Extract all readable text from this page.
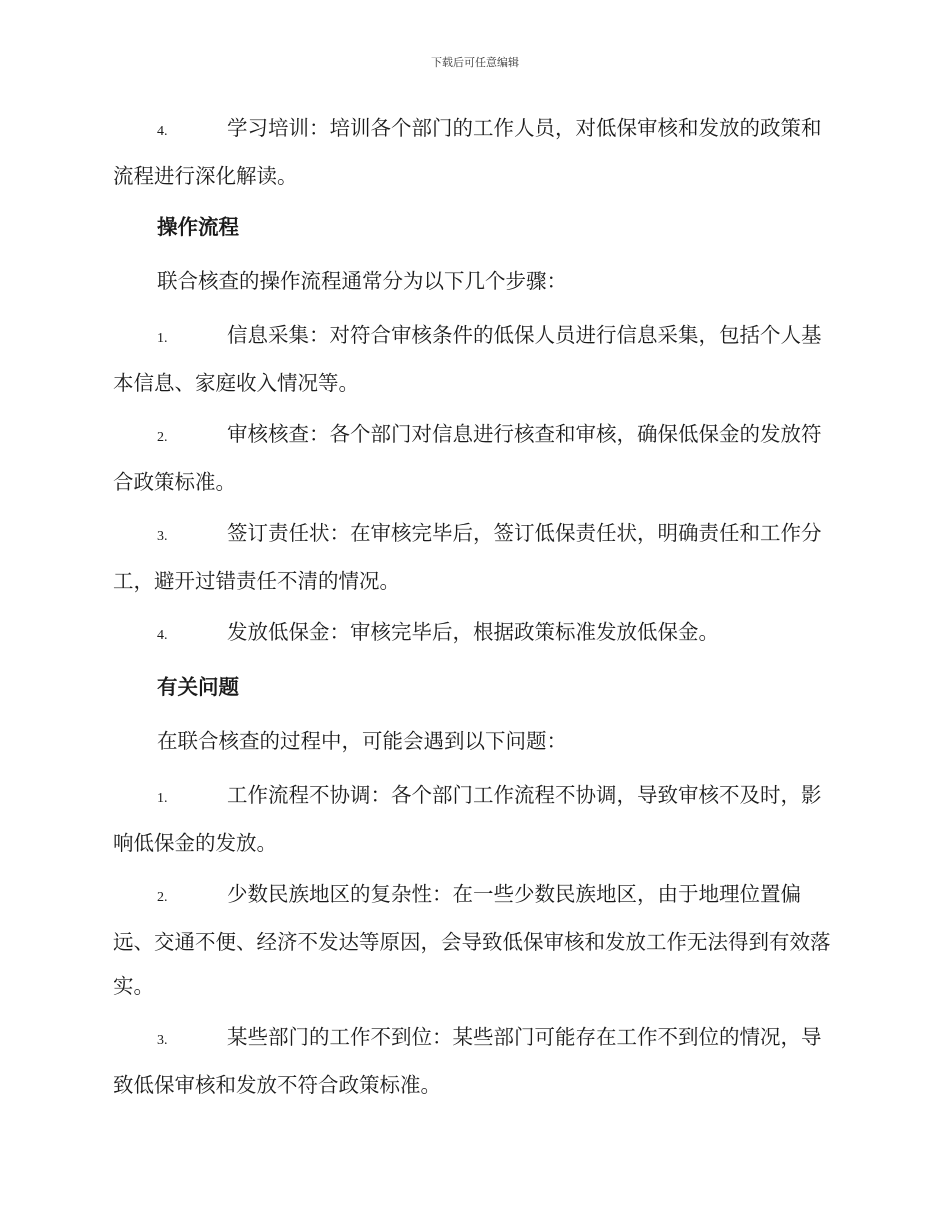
下载后可任意编辑
4.	学习培训：培训各个部门的工作人员，对低保审核和发放的政策和流程进行深化解读。
操作流程
联合核查的操作流程通常分为以下几个步骤：
1.	信息采集：对符合审核条件的低保人员进行信息采集，包括个人基本信息、家庭收入情况等。
2.	审核核查：各个部门对信息进行核查和审核，确保低保金的发放符合政策标准。
3.	签订责任状：在审核完毕后，签订低保责任状，明确责任和工作分工，避开过错责任不清的情况。
4.	发放低保金：审核完毕后，根据政策标准发放低保金。
有关问题
在联合核查的过程中，可能会遇到以下问题：
1.	工作流程不协调：各个部门工作流程不协调，导致审核不及时，影响低保金的发放。
2.	少数民族地区的复杂性：在一些少数民族地区，由于地理位置偏远、交通不便、经济不发达等原因，会导致低保审核和发放工作无法得到有效落实。
3.	某些部门的工作不到位：某些部门可能存在工作不到位的情况，导致低保审核和发放不符合政策标准。
